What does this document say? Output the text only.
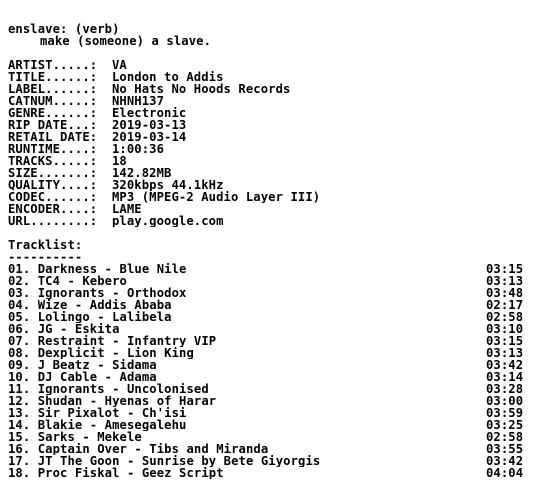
enslave: (verb)
make (someone) a slave.
ARTIST.....:	VA
TITLE......:	London to Addis
LABEL......:	No Hats No Hoods Records
CATNUM.....:	NHNH137
GENRE......:	Electronic
RIP DATE...:	2019-03-13
RETAIL DATE:	2019-03-14
RUNTIME....:	1:00:36
TRACKS.....:	18
SIZE.......:	142.82MB
QUALITY....:	320kbps 44.1kHz
CODEC......:	MP3 (MPEG-2 Audio Layer III)
ENCODER....:	LAME
URL........:	play.google.com
Tracklist:
----------
01. Darkness - Blue Nile	03:15
02. TC4 - Kebero	03:13
03. Ignorants - Orthodox	03:48
04. Wize - Addis Ababa	02:17
05. Lolingo - Lalibela	02:58
06. JG - Eskita	03:10
07. Restraint - Infantry VIP	03:15
08. Dexplicit - Lion King	03:13
09. J Beatz - Sidama	03:42
10. DJ Cable - Adama	03:14
11. Ignorants - Uncolonised	03:28
12. Shudan - Hyenas of Harar	03:00
13. Sir Pixalot - Ch'isi	03:59
14. Blakie - Amesegalehu	03:25
15. Sarks - Mekele	02:58
16. Captain Over - Tibs and Miranda	03:55
17. JT The Goon - Sunrise by Bete Giyorgis	03:42
18. Proc Fiskal - Geez Script	04:04
